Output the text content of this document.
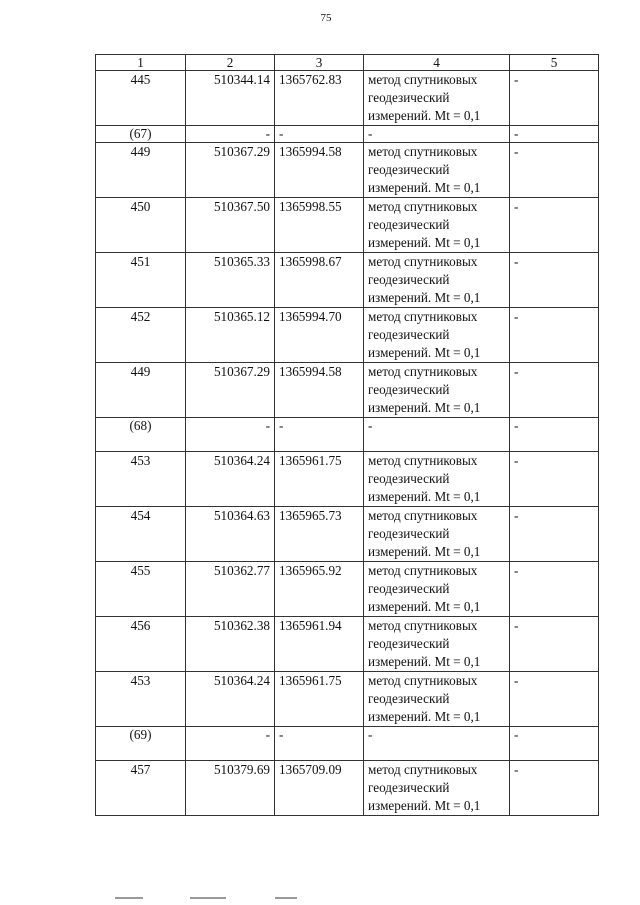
75
1	2	3	4	5
445	510344.14	1365762.83	метод спутниковых геодезический измерений. Mt = 0,1	-
(67)	-	-	-	-
449	510367.29	1365994.58	метод спутниковых геодезический измерений. Mt = 0,1	-
450	510367.50	1365998.55	метод спутниковых геодезический измерений. Mt = 0,1	-
451	510365.33	1365998.67	метод спутниковых геодезический измерений. Mt = 0,1	-
452	510365.12	1365994.70	метод спутниковых геодезический измерений. Mt = 0,1	-
449	510367.29	1365994.58	метод спутниковых геодезический измерений. Mt = 0,1	-
(68)	-	-	-	-
453	510364.24	1365961.75	метод спутниковых геодезический измерений. Mt = 0,1	-
454	510364.63	1365965.73	метод спутниковых геодезический измерений. Mt = 0,1	-
455	510362.77	1365965.92	метод спутниковых геодезический измерений. Mt = 0,1	-
456	510362.38	1365961.94	метод спутниковых геодезический измерений. Mt = 0,1	-
453	510364.24	1365961.75	метод спутниковых геодезический измерений. Mt = 0,1	-
(69)	-	-	-	-
457	510379.69	1365709.09	метод спутниковых геодезический измерений. Mt = 0,1	-
